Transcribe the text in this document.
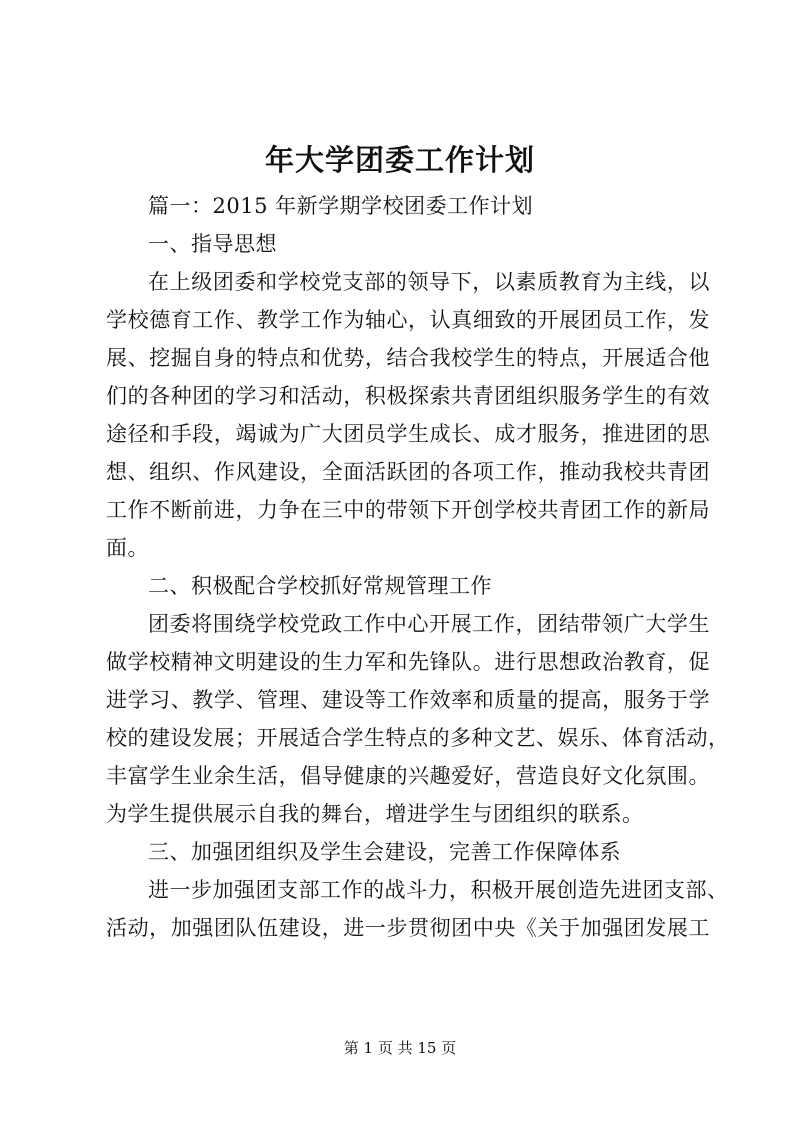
年大学团委工作计划
篇一：2015 年新学期学校团委工作计划
一、指导思想
在上级团委和学校党支部的领导下，以素质教育为主线，以
学校德育工作、教学工作为轴心，认真细致的开展团员工作，发
展、挖掘自身的特点和优势，结合我校学生的特点，开展适合他
们的各种团的学习和活动，积极探索共青团组织服务学生的有效
途径和手段，竭诚为广大团员学生成长、成才服务，推进团的思
想、组织、作风建设，全面活跃团的各项工作，推动我校共青团
工作不断前进，力争在三中的带领下开创学校共青团工作的新局
面。
二、积极配合学校抓好常规管理工作
团委将围绕学校党政工作中心开展工作，团结带领广大学生
做学校精神文明建设的生力军和先锋队。进行思想政治教育，促
进学习、教学、管理、建设等工作效率和质量的提高，服务于学
校的建设发展；开展适合学生特点的多种文艺、娱乐、体育活动，
丰富学生业余生活，倡导健康的兴趣爱好，营造良好文化氛围。
为学生提供展示自我的舞台，增进学生与团组织的联系。
三、加强团组织及学生会建设，完善工作保障体系
进一步加强团支部工作的战斗力，积极开展创造先进团支部、
活动，加强团队伍建设，进一步贯彻团中央《关于加强团发展工
第 1 页 共 15 页
